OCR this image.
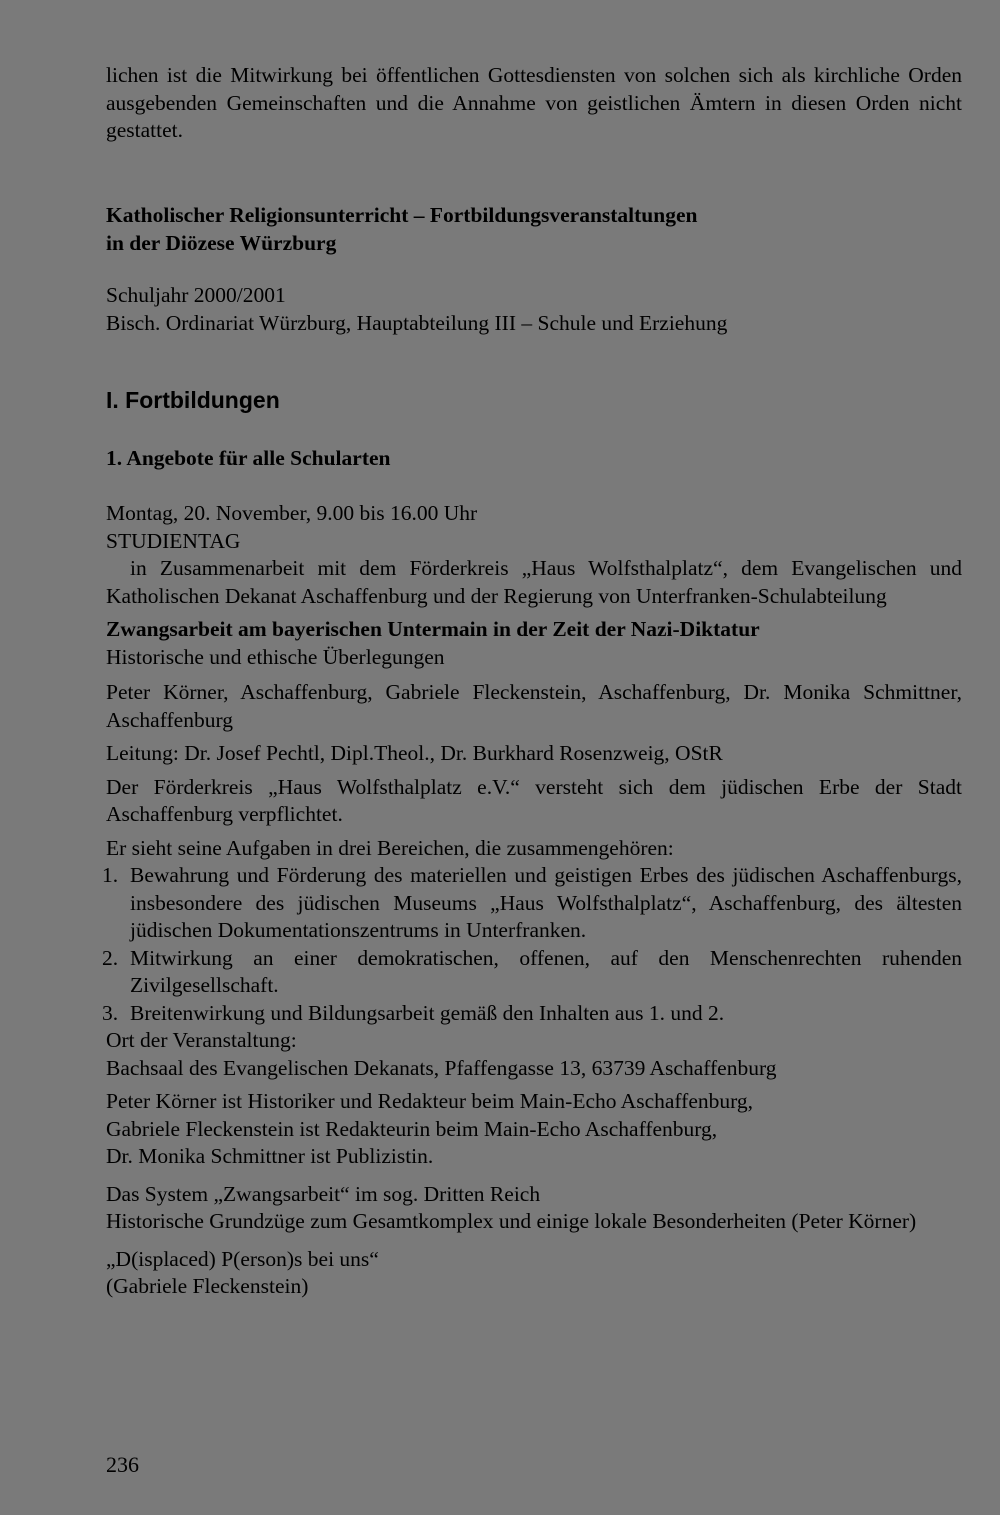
lichen ist die Mitwirkung bei öffentlichen Gottesdiensten von solchen sich als kirchliche Orden ausgebenden Gemeinschaften und die Annahme von geistlichen Ämtern in diesen Orden nicht gestattet.

Katholischer Religionsunterricht – Fortbildungsveranstaltungen
in der Diözese Würzburg

Schuljahr 2000/2001

Bisch. Ordinariat Würzburg, Hauptabteilung III – Schule und Erziehung

I. Fortbildungen
1. Angebote für alle Schularten

Montag, 20. November, 9.00 bis 16.00 Uhr

STUDIENTAG

in Zusammenarbeit mit dem Förderkreis „Haus Wolfsthalplatz“, dem Evangelischen und Katholischen Dekanat Aschaffenburg und der Regierung von Unterfranken-Schulabteilung

Zwangsarbeit am bayerischen Untermain in der Zeit der Nazi-Diktatur

Historische und ethische Überlegungen

Peter Körner, Aschaffenburg, Gabriele Fleckenstein, Aschaffenburg, Dr. Monika Schmittner, Aschaffenburg

Leitung: Dr. Josef Pechtl, Dipl.Theol., Dr. Burkhard Rosenzweig, OStR

Der Förderkreis „Haus Wolfsthalplatz e.V.“ versteht sich dem jüdischen Erbe der Stadt Aschaffenburg verpflichtet.

Er sieht seine Aufgaben in drei Bereichen, die zusammengehören:

1. Bewahrung und Förderung des materiellen und geistigen Erbes des jüdischen Aschaffenburgs, insbesondere des jüdischen Museums „Haus Wolfsthalplatz“, Aschaffenburg, des ältesten jüdischen Dokumentationszentrums in Unterfranken.
2. Mitwirkung an einer demokratischen, offenen, auf den Menschenrechten ruhenden Zivilgesellschaft.
3. Breitenwirkung und Bildungsarbeit gemäß den Inhalten aus 1. und 2.

Ort der Veranstaltung:

Bachsaal des Evangelischen Dekanats, Pfaffengasse 13, 63739 Aschaffenburg

Peter Körner ist Historiker und Redakteur beim Main-Echo Aschaffenburg,

Gabriele Fleckenstein ist Redakteurin beim Main-Echo Aschaffenburg,

Dr. Monika Schmittner ist Publizistin.

Das System „Zwangsarbeit“ im sog. Dritten Reich

Historische Grundzüge zum Gesamtkomplex und einige lokale Besonderheiten (Peter Körner)

„D(isplaced) P(erson)s bei uns“

(Gabriele Fleckenstein)

236
